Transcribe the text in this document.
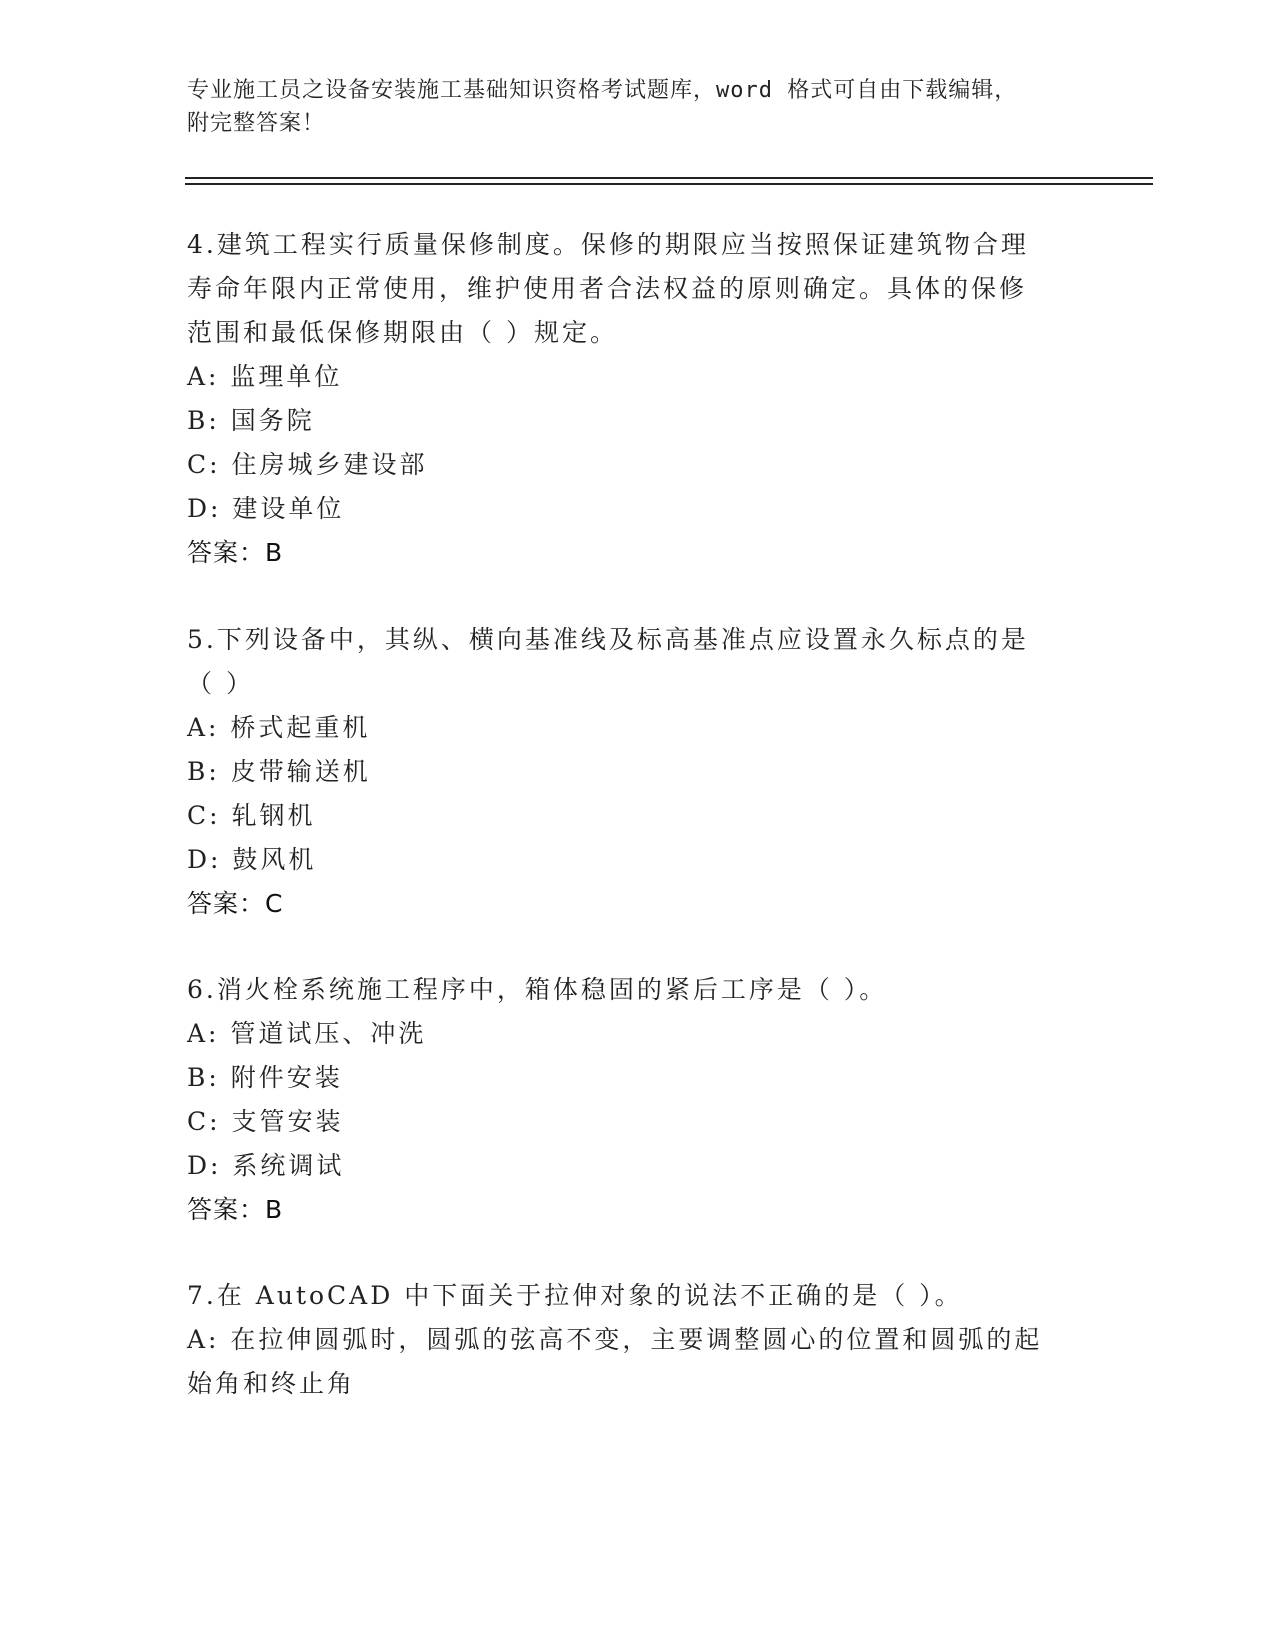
专业施工员之设备安装施工基础知识资格考试题库，word 格式可自由下载编辑，
附完整答案！
4.建筑工程实行质量保修制度。保修的期限应当按照保证建筑物合理
寿命年限内正常使用，维护使用者合法权益的原则确定。具体的保修
范围和最低保修期限由（ ）规定。
A: 监理单位
B: 国务院
C: 住房城乡建设部
D: 建设单位
答案：B
5.下列设备中，其纵、横向基准线及标高基准点应设置永久标点的是
（ ）
A: 桥式起重机
B: 皮带输送机
C: 轧钢机
D: 鼓风机
答案：C
6.消火栓系统施工程序中，箱体稳固的紧后工序是（ ）。
A: 管道试压、冲洗
B: 附件安装
C: 支管安装
D: 系统调试
答案：B
7.在 AutoCAD 中下面关于拉伸对象的说法不正确的是（ ）。
A: 在拉伸圆弧时，圆弧的弦高不变，主要调整圆心的位置和圆弧的起
始角和终止角
